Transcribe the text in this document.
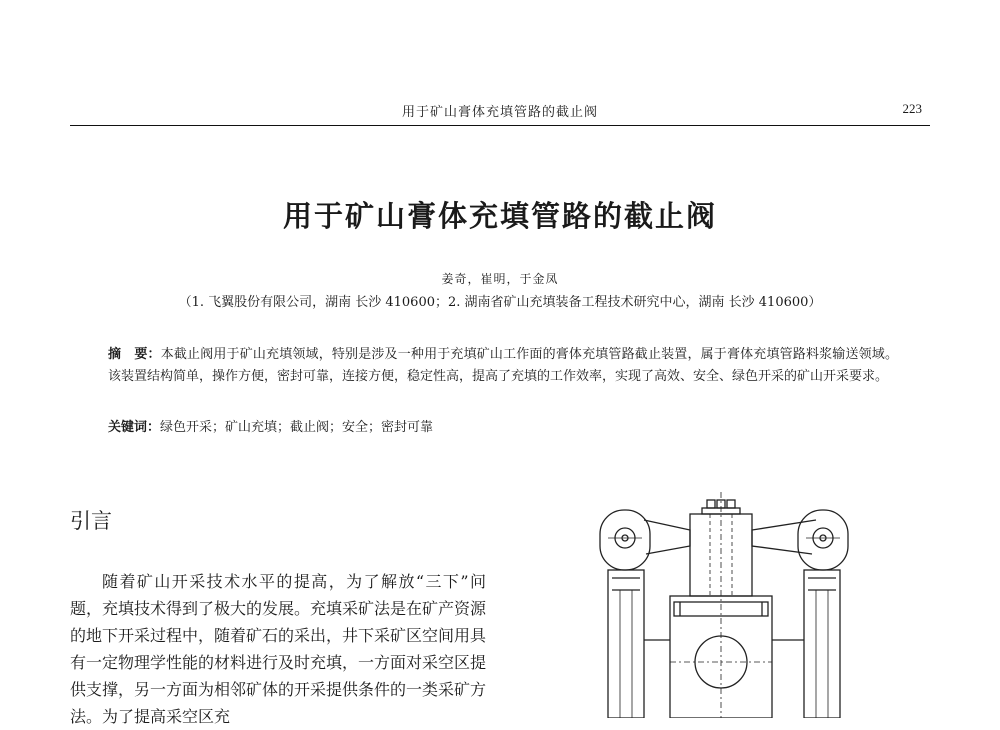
用于矿山膏体充填管路的截止阀	223
用于矿山膏体充填管路的截止阀
姜奇，崔明，于金凤
（1. 飞翼股份有限公司，湖南 长沙 410600；2. 湖南省矿山充填装备工程技术研究中心，湖南 长沙 410600）
摘　要：本截止阀用于矿山充填领域，特别是涉及一种用于充填矿山工作面的膏体充填管路截止装置，属于膏体充填管路料浆输送领域。该装置结构简单，操作方便，密封可靠，连接方便，稳定性高，提高了充填的工作效率，实现了高效、安全、绿色开采的矿山开采要求。
关键词：绿色开采；矿山充填；截止阀；安全；密封可靠
引言
随着矿山开采技术水平的提高，为了解放“三下”问题，充填技术得到了极大的发展。充填采矿法是在矿产资源的地下开采过程中，随着矿石的采出，井下采矿区空间用具有一定物理学性能的材料进行及时充填，一方面对采空区提供支撑，另一方面为相邻矿体的开采提供条件的一类采矿方法。为了提高采空区充
